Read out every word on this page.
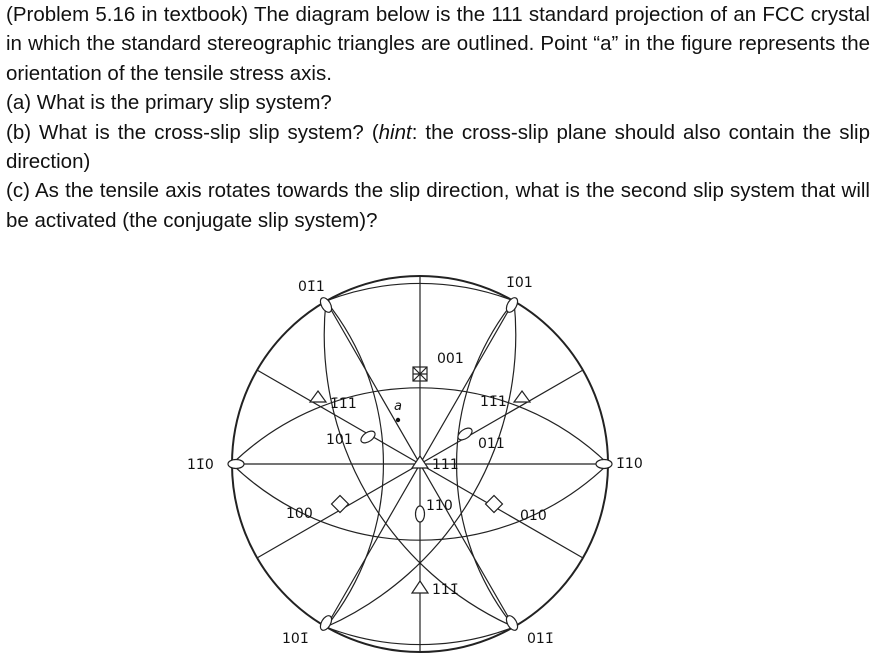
(Problem 5.16 in textbook) The diagram below is the 111 standard projection of an FCC crystal in which the standard stereographic triangles are outlined. Point “a” in the figure represents the orientation of the tensile stress axis.

(a) What is the primary slip system?

(b) What is the cross-slip slip system? (hint: the cross-slip plane should also contain the slip direction)

(c) As the tensile axis rotates towards the slip direction, what is the second slip system that will be activated (the conjugate slip system)?

a
01̄1	1̄01
001
1̄1̄1	11̄1
101	011
111
11̄0	1̄10
100	110
010
111̄
101̄	011̄
